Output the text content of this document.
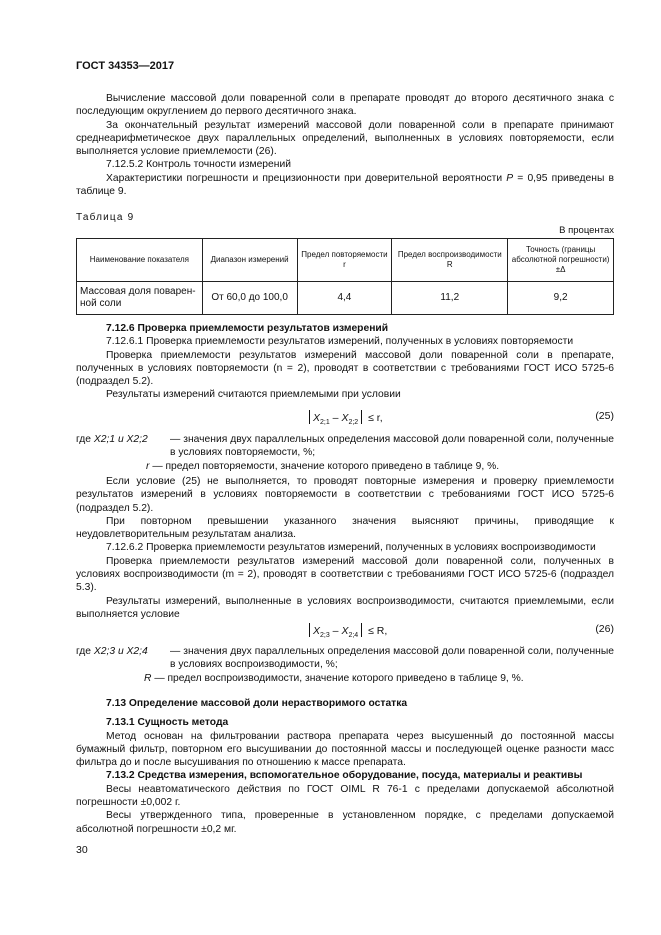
ГОСТ 34353—2017

Вычисление массовой доли поваренной соли в препарате проводят до второго десятичного знака с последующим округлением до первого десятичного знака.

За окончательный результат измерений массовой доли поваренной соли в препарате принимают среднеарифметическое двух параллельных определений, выполненных в условиях повторяемости, если выполняется условие приемлемости (26).

7.12.5.2 Контроль точности измерений

Характеристики погрешности и прецизионности при доверительной вероятности P = 0,95 приведены в таблице 9.

Таблица 9
В процентах
Наименование показателя	Диапазон измерений	Предел повторяемости r	Предел воспроизводимости R	Точность (границы абсолютной погрешности) ±Δ
Массовая доля поварен-ной соли	От 60,0 до 100,0	4,4	11,2	9,2

7.12.6 Проверка приемлемости результатов измерений

7.12.6.1 Проверка приемлемости результатов измерений, полученных в условиях повторяемости

Проверка приемлемости результатов измерений массовой доли поваренной соли в препарате, полученных в условиях повторяемости (n = 2), проводят в соответствии с требованиями ГОСТ ИСО 5725-6 (подраздел 5.2).

Результаты измерений считаются приемлемыми при условии

$X_{2;1} - X_{2;2} \le r$,	(25)
где X2;1 и X2;2 — значения двух параллельных определения массовой доли поваренной соли, полученные в условиях повторяемости, %;
r — предел повторяемости, значение которого приведено в таблице 9, %.

Если условие (25) не выполняется, то проводят повторные измерения и проверку приемлемости результатов измерений в условиях повторяемости в соответствии с требованиями ГОСТ ИСО 5725-6 (подраздел 5.2).

При повторном превышении указанного значения выясняют причины, приводящие к неудовлетворительным результатам анализа.

7.12.6.2 Проверка приемлемости результатов измерений, полученных в условиях воспроизводимости

Проверка приемлемости результатов измерений массовой доли поваренной соли, полученных в условиях воспроизводимости (m = 2), проводят в соответствии с требованиями ГОСТ ИСО 5725-6 (подраздел 5.3).

Результаты измерений, выполненные в условиях воспроизводимости, считаются приемлемыми, если выполняется условие

$X_{2;3} - X_{2;4} \le R$,	(26)
где X2;3 и X2;4 — значения двух параллельных определения массовой доли поваренной соли, полученные в условиях воспроизводимости, %;
R — предел воспроизводимости, значение которого приведено в таблице 9, %.

7.13 Определение массовой доли нерастворимого остатка

7.13.1 Сущность метода

Метод основан на фильтровании раствора препарата через высушенный до постоянной массы бумажный фильтр, повторном его высушивании до постоянной массы и последующей оценке разности масс фильтра до и после высушивания по отношению к массе препарата.

7.13.2 Средства измерения, вспомогательное оборудование, посуда, материалы и реактивы

Весы неавтоматического действия по ГОСТ OIML R 76-1 с пределами допускаемой абсолютной погрешности ±0,002 г.

Весы утвержденного типа, проверенные в установленном порядке, с пределами допускаемой абсолютной погрешности ±0,2 мг.

30
